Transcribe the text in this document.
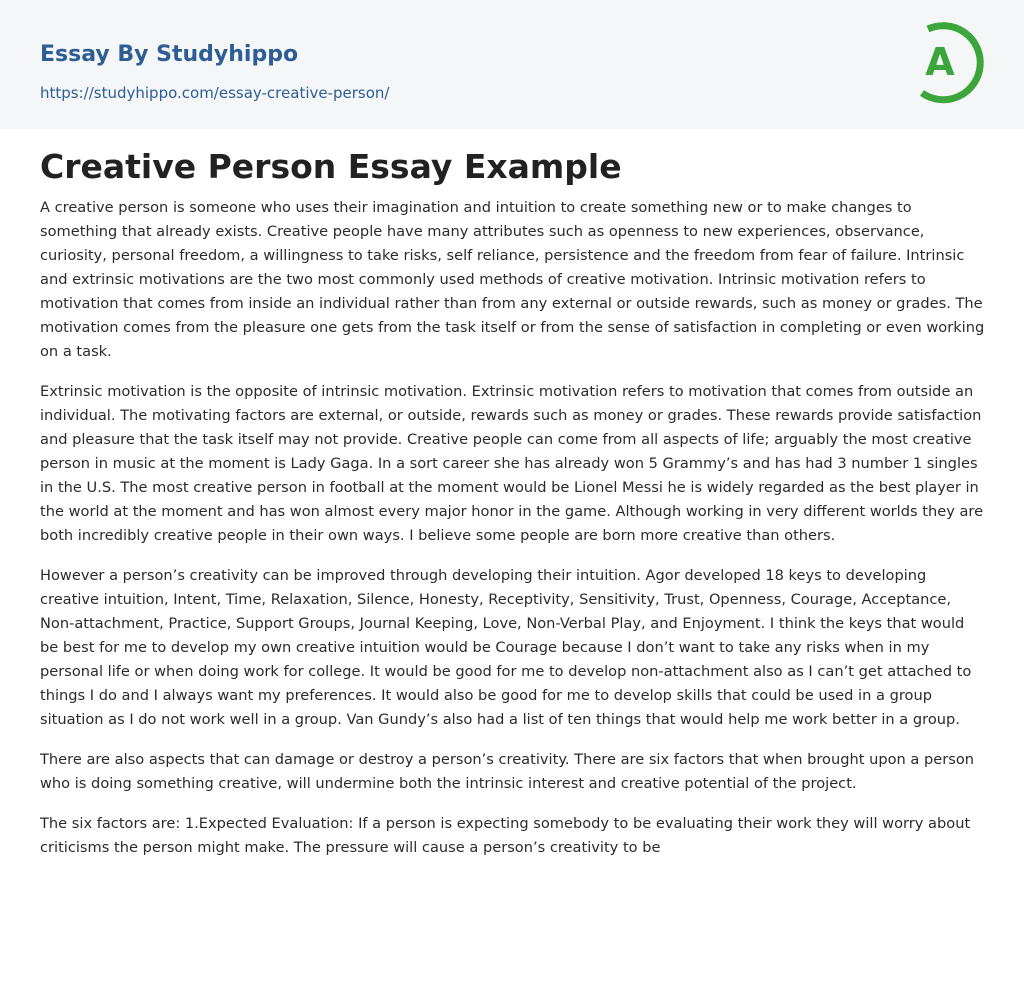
Essay By Studyhippo
https://studyhippo.com/essay-creative-person/
A
Creative Person Essay Example

A creative person is someone who uses their imagination and intuition to create something new or to make changes to something that already exists. Creative people have many attributes such as openness to new experiences, observance, curiosity, personal freedom, a willingness to take risks, self reliance, persistence and the freedom from fear of failure. Intrinsic and extrinsic motivations are the two most commonly used methods of creative motivation. Intrinsic motivation refers to motivation that comes from inside an individual rather than from any external or outside rewards, such as money or grades. The motivation comes from the pleasure one gets from the task itself or from the sense of satisfaction in completing or even working on a task.

Extrinsic motivation is the opposite of intrinsic motivation. Extrinsic motivation refers to motivation that comes from outside an individual. The motivating factors are external, or outside, rewards such as money or grades. These rewards provide satisfaction and pleasure that the task itself may not provide. Creative people can come from all aspects of life; arguably the most creative person in music at the moment is Lady Gaga. In a sort career she has already won 5 Grammy’s and has had 3 number 1 singles in the U.S. The most creative person in football at the moment would be Lionel Messi he is widely regarded as the best player in the world at the moment and has won almost every major honor in the game. Although working in very different worlds they are both incredibly creative people in their own ways. I believe some people are born more creative than others.

However a person’s creativity can be improved through developing their intuition. Agor developed 18 keys to developing creative intuition, Intent, Time, Relaxation, Silence, Honesty, Receptivity, Sensitivity, Trust, Openness, Courage, Acceptance, Non-attachment, Practice, Support Groups, Journal Keeping, Love, Non-Verbal Play, and Enjoyment. I think the keys that would be best for me to develop my own creative intuition would be Courage because I don’t want to take any risks when in my personal life or when doing work for college. It would be good for me to develop non-attachment also as I can’t get attached to things I do and I always want my preferences. It would also be good for me to develop skills that could be used in a group situation as I do not work well in a group. Van Gundy’s also had a list of ten things that would help me work better in a group.

There are also aspects that can damage or destroy a person’s creativity. There are six factors that when brought upon a person who is doing something creative, will undermine both the intrinsic interest and creative potential of the project.

The six factors are: 1.Expected Evaluation: If a person is expecting somebody to be evaluating their work they will worry about criticisms the person might make. The pressure will cause a person’s creativity to be
